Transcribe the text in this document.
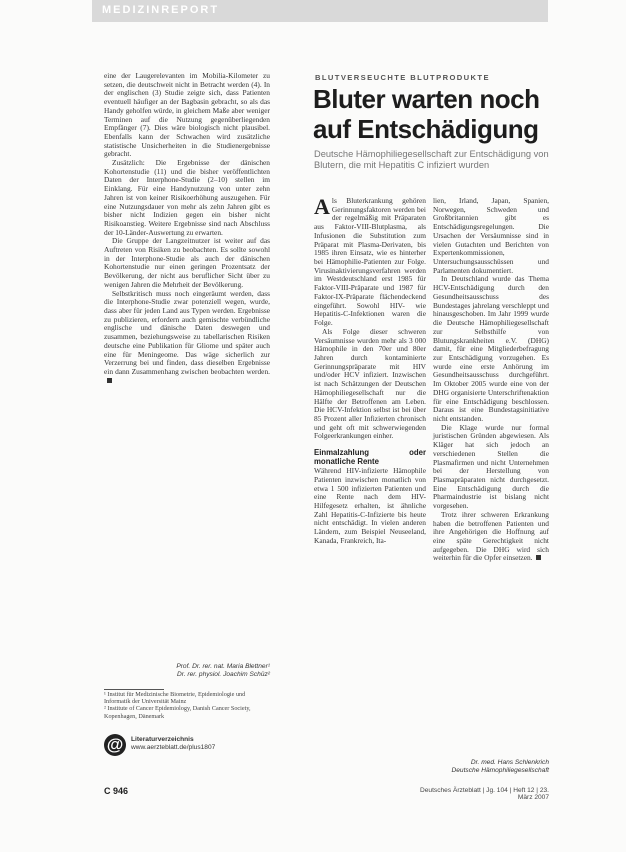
MEDIZINREPORT

eine der Laugerelevanten im Mobilia-Kilometer zu setzen, die deutschweit nicht in Betracht werden (4). In der englischen (3) Studie zeigte sich, dass Patienten eventuell häufiger an der Bagbasin gebracht, so als das Handy geholfen würde, in gleichem Maße aber weniger Terminen auf die Nutzung gegenüberliegenden Empfänger (7). Dies wäre biologisch nicht plausibel. Ebenfalls kann der Schwachen wird zusätzliche statistische Unsicherheiten in die Studienergebnisse gebracht.

Zusätzlich: Die Ergebnisse der dänischen Kohortenstudie (11) und die bisher veröffentlichten Daten der Interphone-Studie (2–10) stellen im Einklang. Für eine Handynutzung von unter zehn Jahren ist von keiner Risikoerhöhung auszugehen. Für eine Nutzungsdauer von mehr als zehn Jahren gibt es bisher nicht Indizien gegen ein bisher nicht Risikoanstieg. Weitere Ergebnisse sind nach Abschluss der 10-Länder-Auswertung zu erwarten.

Die Gruppe der Langzeitnutzer ist weiter auf das Auftreten von Risiken zu beobachten. Es sollte sowohl in der Interphone-Studie als auch der dänischen Kohortenstudie nur einen geringen Prozentsatz der Bevölkerung, der nicht aus beruflicher Sicht über zu wenigen Jahren die Mehrheit der Bevölkerung.

Selbstkritisch muss noch eingeräumt werden, dass die Interphone-Studie zwar potenziell wegen, wurde, dass aber für jeden Land aus Typen werden. Ergebnisse zu publizieren, erfordern auch gemischte verbündliche englische und dänische Daten deswegen und zusammen, beziehungsweise zu tabellarischen Risiken deutsche eine Publikation für Gliome und später auch eine für Meningeome. Das wäge sicherlich zur Verzerrung bei und finden, dass dieselben Ergebnisse ein dann Zusammenhang zwischen beobachten werden.

Prof. Dr. rer. nat. Maria Blettner¹
Dr. rer. physiol. Joachim Schüz²
¹ Institut für Medizinische Biometrie, Epidemiologie und Informatik der Universität Mainz
² Institute of Cancer Epidemiology, Danish Cancer Society, Kopenhagen, Dänemark
@	Literaturverzeichnis
www.aerzteblatt.de/plus1807
C 946
BLUTVERSEUCHTE BLUTPRODUKTE
Bluter warten noch auf Entschädigung
Deutsche Hämophiliegesellschaft zur Entschädigung von Blutern, die mit Hepatitis C infiziert wurden

Als Bluterkrankung gehören Gerinnungsfaktoren werden bei der regelmäßig mit Präparaten aus Faktor-VIII-Blutplasma, als Infusionen die Substitution zum Präparat mit Plasma-Derivaten, bis 1985 ihren Einsatz, wie es hinterher bei Hämophilie-Patienten zur Folge. Virusinaktivierungsverfahren werden im Westdeutschland erst 1985 für Faktor-VIII-Präparate und 1987 für Faktor-IX-Präparate flächendeckend eingeführt. Sowohl HIV- wie Hepatitis-C-Infektionen waren die Folge.

Als Folge dieser schweren Versäumnisse wurden mehr als 3 000 Hämophile in den 70er und 80er Jahren durch kontaminierte Gerinnungspräparate mit HIV und/oder HCV infiziert. Inzwischen ist nach Schätzungen der Deutschen Hämophiliegesellschaft nur die Hälfte der Betroffenen am Leben. Die HCV-Infektion selbst ist bei über 85 Prozent aller Infizierten chronisch und geht oft mit schwerwiegenden Folgeerkrankungen einher.

Einmalzahlung oder monatliche Rente

Während HIV-infizierte Hämophile Patienten inzwischen monatlich von etwa 1 500 infizierten Patienten und eine Rente nach dem HIV-Hilfegesetz erhalten, ist ähnliche Zahl Hepatitis-C-Infizierte bis heute nicht entschädigt. In vielen anderen Ländern, zum Beispiel Neuseeland, Kanada, Frankreich, Ita-

lien, Irland, Japan, Spanien, Norwegen, Schweden und Großbritannien gibt es Entschädigungsregelungen. Die Ursachen der Versäumnisse sind in vielen Gutachten und Berichten von Expertenkommissionen, Untersuchungsausschüssen und Parlamenten dokumentiert.

In Deutschland wurde das Thema HCV-Entschädigung durch den Gesundheitsausschuss des Bundestages jahrelang verschleppt und hinausgeschoben. Im Jahr 1999 wurde die Deutsche Hämophiliegesellschaft zur Selbsthilfe von Blutungskrankheiten e.V. (DHG) damit, für eine Mitgliederbefragung zur Entschädigung vorzugehen. Es wurde eine erste Anhörung im Gesundheitsausschuss durchgeführt. Im Oktober 2005 wurde eine von der DHG organisierte Unterschriftenaktion für eine Entschädigung beschlossen. Daraus ist eine Bundestagsinitiative nicht entstanden.

Die Klage wurde nur formal juristischen Gründen abgewiesen. Als Kläger hat sich jedoch an verschiedenen Stellen die Plasmafirmen und nicht Unternehmen bei der Herstellung von Plasmapräparaten nicht durchgesetzt. Eine Entschädigung durch die Pharmaindustrie ist bislang nicht vorgesehen.

Trotz ihrer schweren Erkrankung haben die betroffenen Patienten und ihre Angehörigen die Hoffnung auf eine späte Gerechtigkeit nicht aufgegeben. Die DHG wird sich weiterhin für die Opfer einsetzen.

Dr. med. Hans Schlenkrich
Deutsche Hämophiliegesellschaft
Deutsches Ärzteblatt | Jg. 104 | Heft 12 | 23. März 2007
